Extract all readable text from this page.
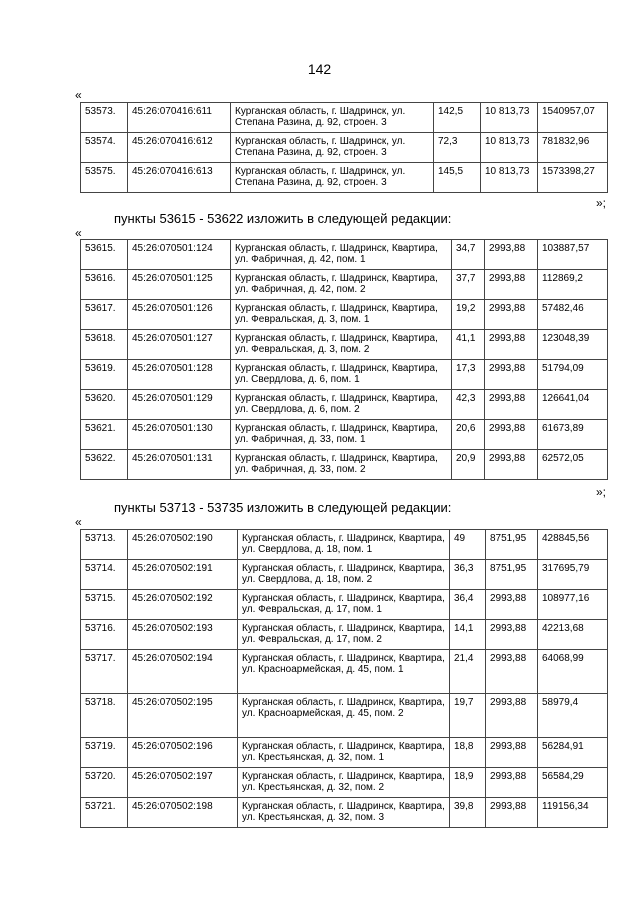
142
«
53573.	45:26:070416:611	Курганская область, г. Шадринск, ул. Степана Разина, д. 92, строен. 3	142,5	10 813,73	1540957,07
53574.	45:26:070416:612	Курганская область, г. Шадринск, ул. Степана Разина, д. 92, строен. 3	72,3	10 813,73	781832,96
53575.	45:26:070416:613	Курганская область, г. Шадринск, ул. Степана Разина, д. 92, строен. 3	145,5	10 813,73	1573398,27
»;
пункты 53615 - 53622 изложить в следующей редакции:
«
53615.	45:26:070501:124	Курганская область, г. Шадринск, Квартира, ул. Фабричная, д. 42, пом. 1	34,7	2993,88	103887,57
53616.	45:26:070501:125	Курганская область, г. Шадринск, Квартира, ул. Фабричная, д. 42, пом. 2	37,7	2993,88	112869,2
53617.	45:26:070501:126	Курганская область, г. Шадринск, Квартира, ул. Февральская, д. 3, пом. 1	19,2	2993,88	57482,46
53618.	45:26:070501:127	Курганская область, г. Шадринск, Квартира, ул. Февральская, д. 3, пом. 2	41,1	2993,88	123048,39
53619.	45:26:070501:128	Курганская область, г. Шадринск, Квартира, ул. Свердлова, д. 6, пом. 1	17,3	2993,88	51794,09
53620.	45:26:070501:129	Курганская область, г. Шадринск, Квартира, ул. Свердлова, д. 6, пом. 2	42,3	2993,88	126641,04
53621.	45:26:070501:130	Курганская область, г. Шадринск, Квартира, ул. Фабричная, д. 33, пом. 1	20,6	2993,88	61673,89
53622.	45:26:070501:131	Курганская область, г. Шадринск, Квартира, ул. Фабричная, д. 33, пом. 2	20,9	2993,88	62572,05
»;
пункты 53713 - 53735 изложить в следующей редакции:
«
53713.	45:26:070502:190	Курганская область, г. Шадринск, Квартира, ул. Свердлова, д. 18, пом. 1	49	8751,95	428845,56
53714.	45:26:070502:191	Курганская область, г. Шадринск, Квартира, ул. Свердлова, д. 18, пом. 2	36,3	8751,95	317695,79
53715.	45:26:070502:192	Курганская область, г. Шадринск, Квартира, ул. Февральская, д. 17, пом. 1	36,4	2993,88	108977,16
53716.	45:26:070502:193	Курганская область, г. Шадринск, Квартира, ул. Февральская, д. 17, пом. 2	14,1	2993,88	42213,68
53717.	45:26:070502:194	Курганская область, г. Шадринск, Квартира, ул. Красноармейская, д. 45, пом. 1	21,4	2993,88	64068,99
53718.	45:26:070502:195	Курганская область, г. Шадринск, Квартира, ул. Красноармейская, д. 45, пом. 2	19,7	2993,88	58979,4
53719.	45:26:070502:196	Курганская область, г. Шадринск, Квартира, ул. Крестьянская, д. 32, пом. 1	18,8	2993,88	56284,91
53720.	45:26:070502:197	Курганская область, г. Шадринск, Квартира, ул. Крестьянская, д. 32, пом. 2	18,9	2993,88	56584,29
53721.	45:26:070502:198	Курганская область, г. Шадринск, Квартира, ул. Крестьянская, д. 32, пом. 3	39,8	2993,88	119156,34
